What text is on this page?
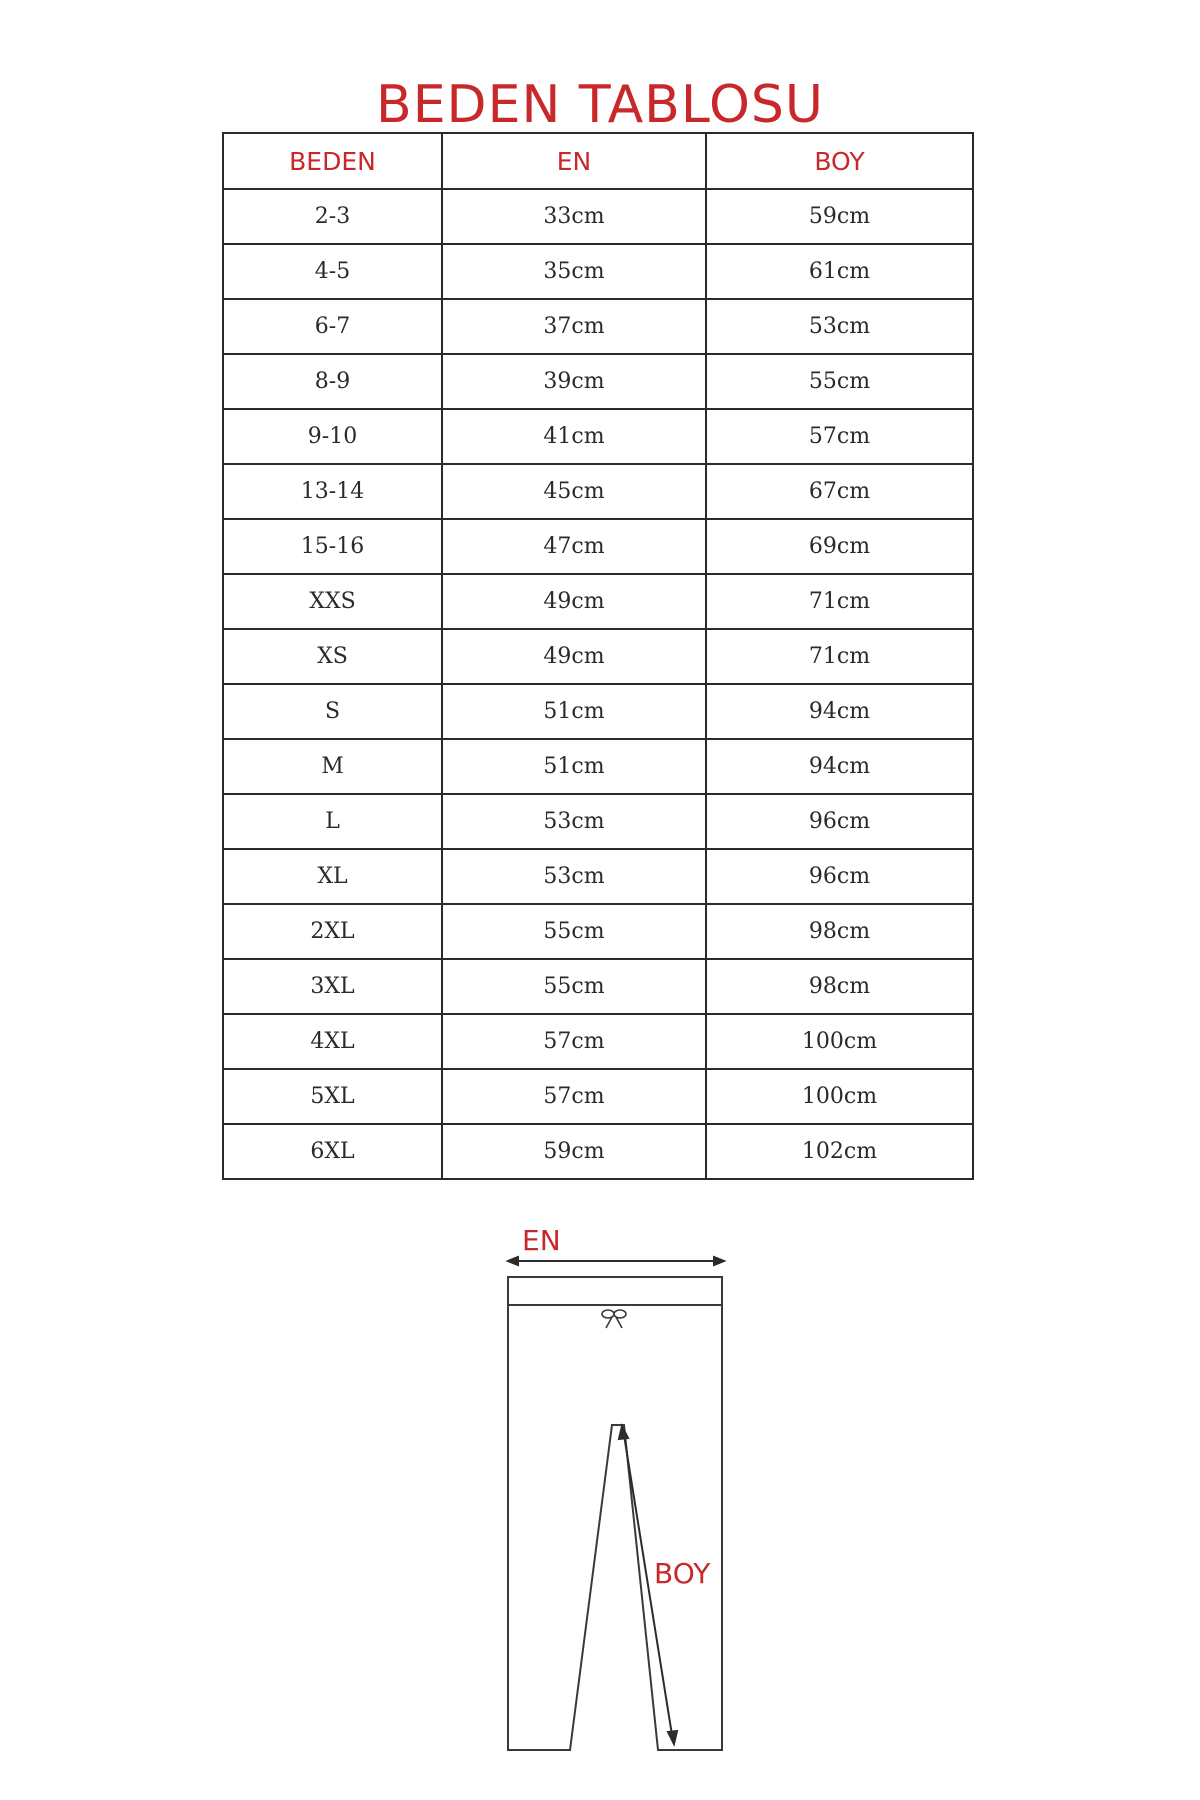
BEDEN TABLOSU
BEDEN	EN	BOY
2-3	33cm	59cm
4-5	35cm	61cm
6-7	37cm	53cm
8-9	39cm	55cm
9-10	41cm	57cm
13-14	45cm	67cm
15-16	47cm	69cm
XXS	49cm	71cm
XS	49cm	71cm
S	51cm	94cm
M	51cm	94cm
L	53cm	96cm
XL	53cm	96cm
2XL	55cm	98cm
3XL	55cm	98cm
4XL	57cm	100cm
5XL	57cm	100cm
6XL	59cm	102cm
EN
BOY
